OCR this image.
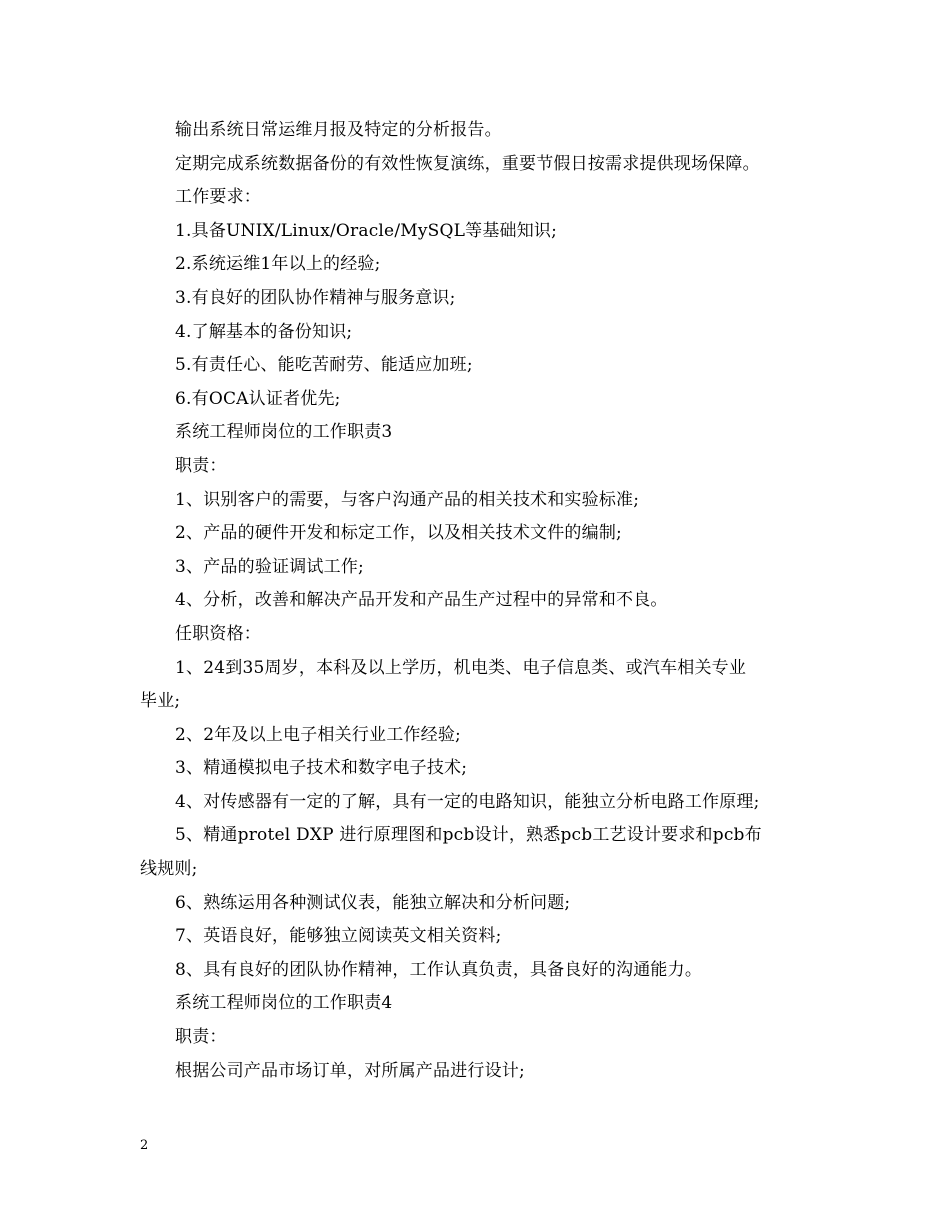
输出系统日常运维月报及特定的分析报告。
定期完成系统数据备份的有效性恢复演练，重要节假日按需求提供现场保障。
工作要求：
1.具备UNIX/Linux/Oracle/MySQL等基础知识;
2.系统运维1年以上的经验;
3.有良好的团队协作精神与服务意识;
4.了解基本的备份知识;
5.有责任心、能吃苦耐劳、能适应加班;
6.有OCA认证者优先;
系统工程师岗位的工作职责3
职责：
1、识别客户的需要，与客户沟通产品的相关技术和实验标准;
2、产品的硬件开发和标定工作，以及相关技术文件的编制;
3、产品的验证调试工作;
4、分析，改善和解决产品开发和产品生产过程中的异常和不良。
任职资格：
1、24到35周岁，本科及以上学历，机电类、电子信息类、或汽车相关专业
毕业;
2、2年及以上电子相关行业工作经验;
3、精通模拟电子技术和数字电子技术;
4、对传感器有一定的了解，具有一定的电路知识，能独立分析电路工作原理;
5、精通protel DXP 进行原理图和pcb设计，熟悉pcb工艺设计要求和pcb布
线规则;
6、熟练运用各种测试仪表，能独立解决和分析问题;
7、英语良好，能够独立阅读英文相关资料;
8、具有良好的团队协作精神，工作认真负责，具备良好的沟通能力。
系统工程师岗位的工作职责4
职责：
根据公司产品市场订单，对所属产品进行设计;
2
